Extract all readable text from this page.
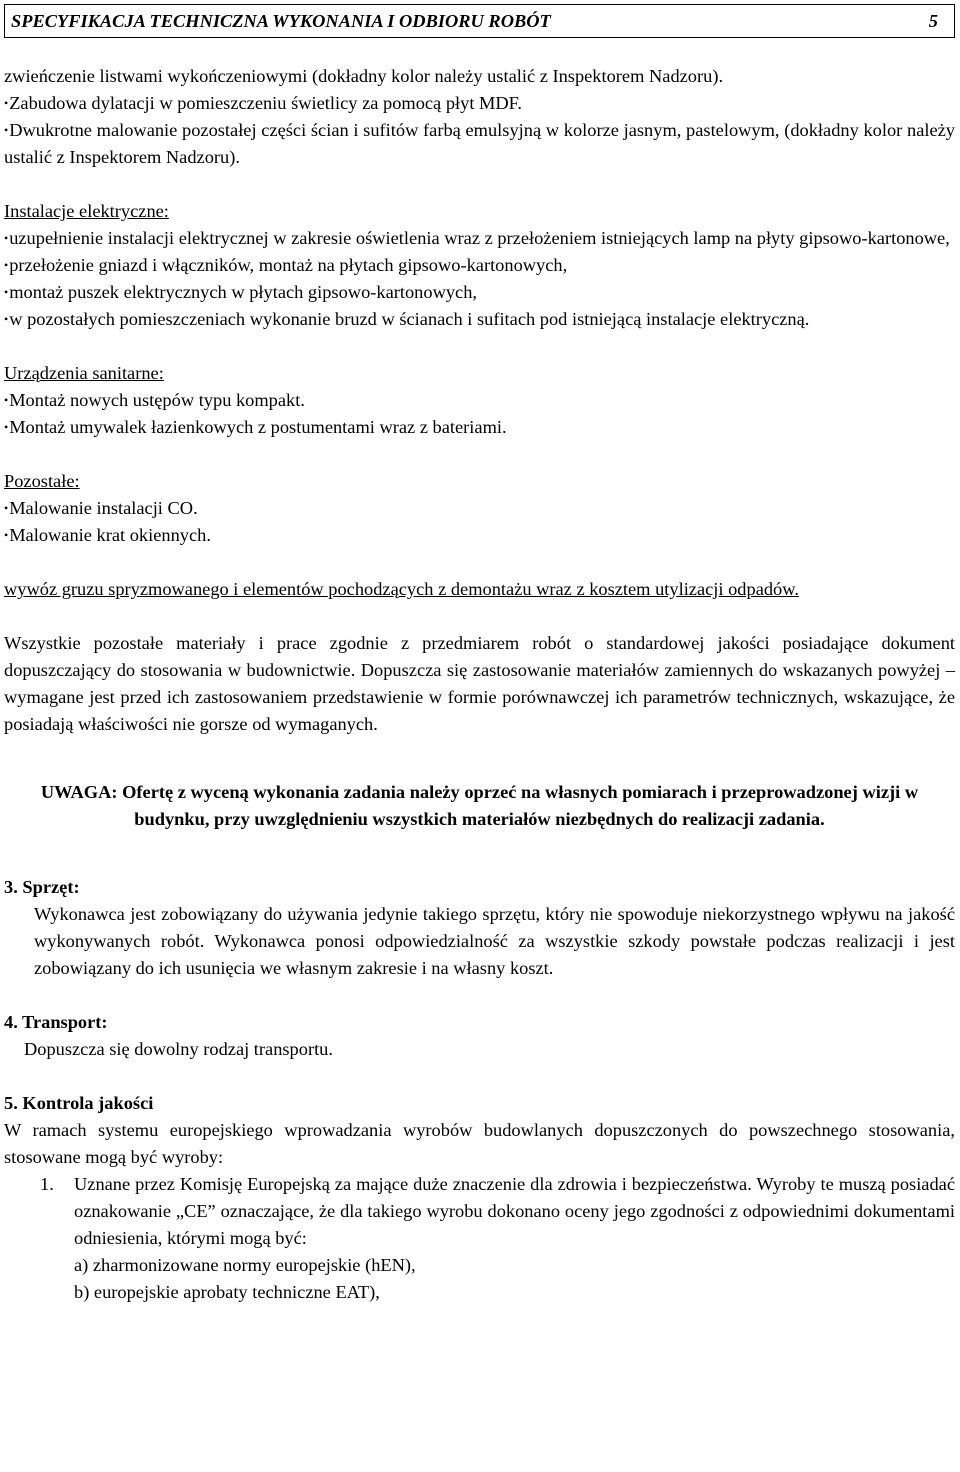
SPECYFIKACJA TECHNICZNA WYKONANIA I ODBIORU ROBÓT	5

zwieńczenie listwami wykończeniowymi (dokładny kolor należy ustalić z Inspektorem Nadzoru).

• Zabudowa dylatacji w pomieszczeniu świetlicy za pomocą płyt MDF.

• Dwukrotne malowanie pozostałej części ścian i sufitów farbą emulsyjną w kolorze jasnym, pastelowym, (dokładny kolor należy ustalić z Inspektorem Nadzoru).

Instalacje elektryczne:

• uzupełnienie instalacji elektrycznej w zakresie oświetlenia wraz z przełożeniem istniejących lamp na płyty gipsowo-kartonowe,

• przełożenie gniazd i włączników, montaż na płytach gipsowo-kartonowych,

• montaż puszek elektrycznych w płytach gipsowo-kartonowych,

• w pozostałych pomieszczeniach wykonanie bruzd w ścianach i sufitach pod istniejącą instalacje elektryczną.

Urządzenia sanitarne:

• Montaż nowych ustępów typu kompakt.

• Montaż umywalek łazienkowych z postumentami wraz z bateriami.

Pozostałe:

• Malowanie instalacji CO.

• Malowanie krat okiennych.

wywóz gruzu spryzmowanego i elementów pochodzących z demontażu wraz z kosztem utylizacji odpadów.

Wszystkie pozostałe materiały i prace zgodnie z przedmiarem robót o standardowej jakości posiadające dokument dopuszczający do stosowania w budownictwie. Dopuszcza się zastosowanie materiałów zamiennych do wskazanych powyżej – wymagane jest przed ich zastosowaniem przedstawienie w formie porównawczej ich parametrów technicznych, wskazujące, że posiadają właściwości nie gorsze od wymaganych.

UWAGA: Ofertę z wyceną wykonania zadania należy oprzeć na własnych pomiarach i przeprowadzonej wizji w budynku, przy uwzględnieniu wszystkich materiałów niezbędnych do realizacji zadania.

3. Sprzęt:

Wykonawca jest zobowiązany do używania jedynie takiego sprzętu, który nie spowoduje niekorzystnego wpływu na jakość wykonywanych robót. Wykonawca ponosi odpowiedzialność za wszystkie szkody powstałe podczas realizacji i jest zobowiązany do ich usunięcia we własnym zakresie i na własny koszt.

4. Transport:

Dopuszcza się dowolny rodzaj transportu.

5. Kontrola jakości

W ramach systemu europejskiego wprowadzania wyrobów budowlanych dopuszczonych do powszechnego stosowania, stosowane mogą być wyroby:

1.	Uznane przez Komisję Europejską za mające duże znaczenie dla zdrowia i bezpieczeństwa. Wyroby te muszą posiadać oznakowanie „CE” oznaczające, że dla takiego wyrobu dokonano oceny jego zgodności z odpowiednimi dokumentami odniesienia, którymi mogą być:

a) zharmonizowane normy europejskie (hEN),

b) europejskie aprobaty techniczne EAT),
